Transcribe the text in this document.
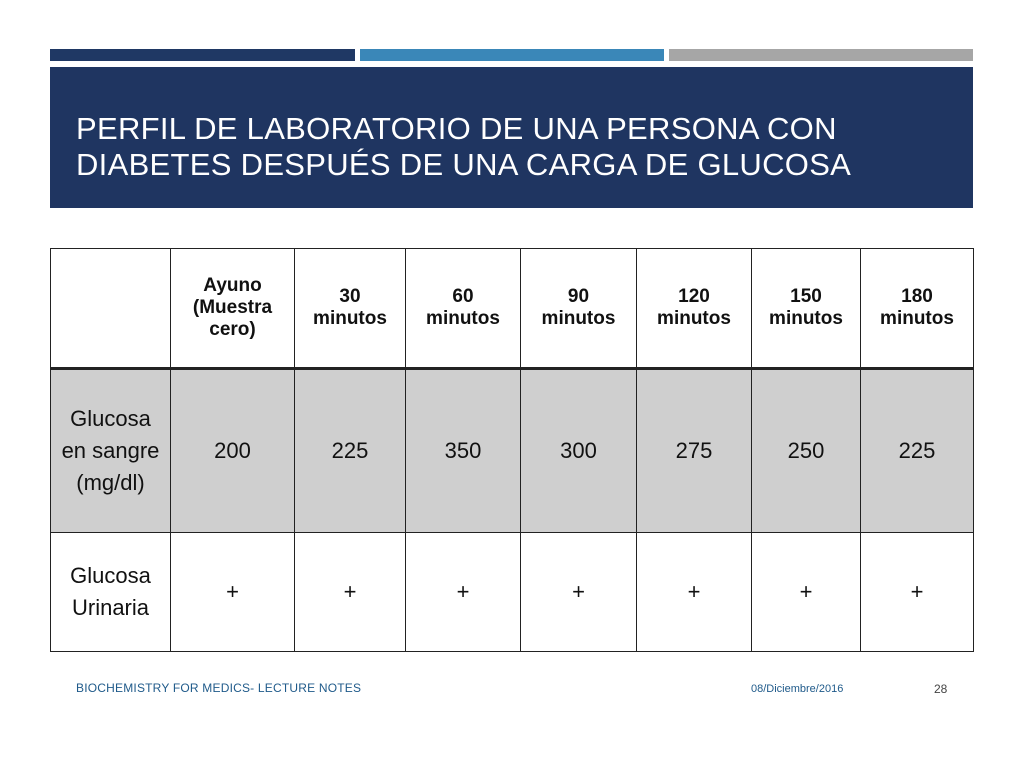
PERFIL DE LABORATORIO DE UNA PERSONA CON
DIABETES DESPUÉS DE UNA CARGA DE GLUCOSA
	Ayuno
(Muestra
cero)	30
minutos	60
minutos	90
minutos	120
minutos	150
minutos	180
minutos
Glucosa
en sangre
(mg/dl)	200	225	350	300	275	250	225
Glucosa
Urinaria	+	+	+	+	+	+	+
BIOCHEMISTRY FOR MEDICS- LECTURE NOTES	08/Diciembre/2016	28
